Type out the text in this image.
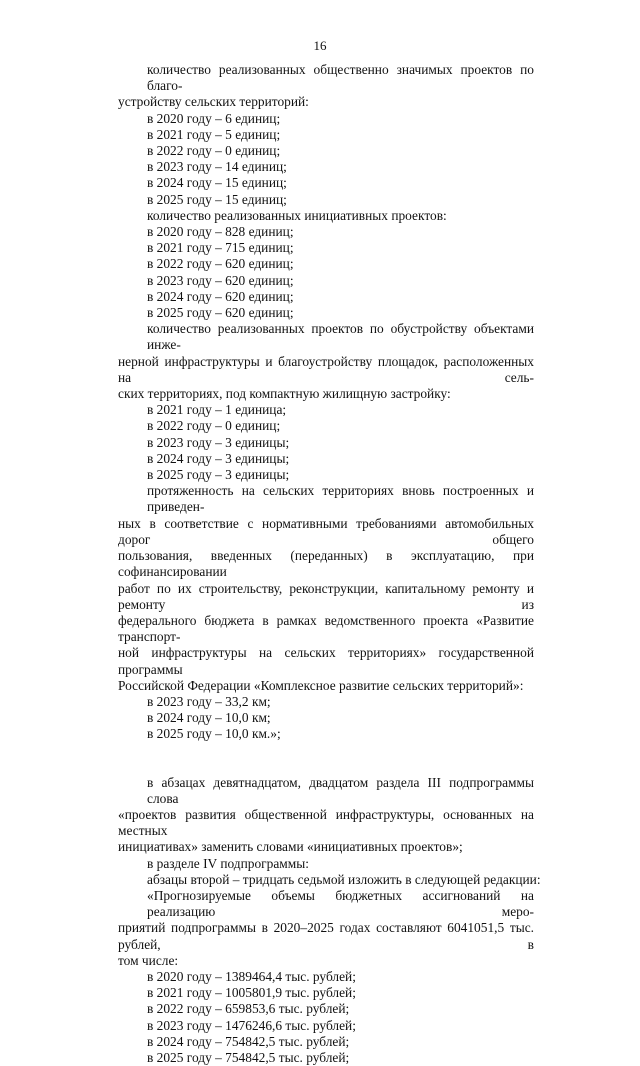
16

количество реализованных общественно значимых проектов по благо-

устройству сельских территорий:

в 2020 году – 6 единиц;

в 2021 году – 5 единиц;

в 2022 году – 0 единиц;

в 2023 году – 14 единиц;

в 2024 году – 15 единиц;

в 2025 году – 15 единиц;

количество реализованных инициативных проектов:

в 2020 году – 828 единиц;

в 2021 году – 715 единиц;

в 2022 году – 620 единиц;

в 2023 году – 620 единиц;

в 2024 году – 620 единиц;

в 2025 году – 620 единиц;

количество реализованных проектов по обустройству объектами инже-

нерной инфраструктуры и благоустройству площадок, расположенных на сель-

ских территориях, под компактную жилищную застройку:

в 2021 году – 1 единица;

в 2022 году – 0 единиц;

в 2023 году – 3 единицы;

в 2024 году – 3 единицы;

в 2025 году – 3 единицы;

протяженность на сельских территориях вновь построенных и приведен-

ных в соответствие с нормативными требованиями автомобильных дорог общего

пользования, введенных (переданных) в эксплуатацию, при софинансировании

работ по их строительству, реконструкции, капитальному ремонту и ремонту из

федерального бюджета в рамках ведомственного проекта «Развитие транспорт-

ной инфраструктуры на сельских территориях» государственной программы

Российской Федерации «Комплексное развитие сельских территорий»:

в 2023 году – 33,2 км;

в 2024 году – 10,0 км;

в 2025 году – 10,0 км.»;

в абзацах девятнадцатом, двадцатом раздела III подпрограммы слова

«проектов развития общественной инфраструктуры, основанных на местных

инициативах» заменить словами «инициативных проектов»;

в разделе IV подпрограммы:

абзацы второй – тридцать седьмой изложить в следующей редакции:

«Прогнозируемые объемы бюджетных ассигнований на реализацию меро-

приятий подпрограммы в 2020–2025 годах составляют 6041051,5 тыс. рублей, в

том числе:

в 2020 году – 1389464,4 тыс. рублей;

в 2021 году – 1005801,9 тыс. рублей;

в 2022 году – 659853,6 тыс. рублей;

в 2023 году – 1476246,6 тыс. рублей;

в 2024 году – 754842,5 тыс. рублей;

в 2025 году – 754842,5 тыс. рублей;
